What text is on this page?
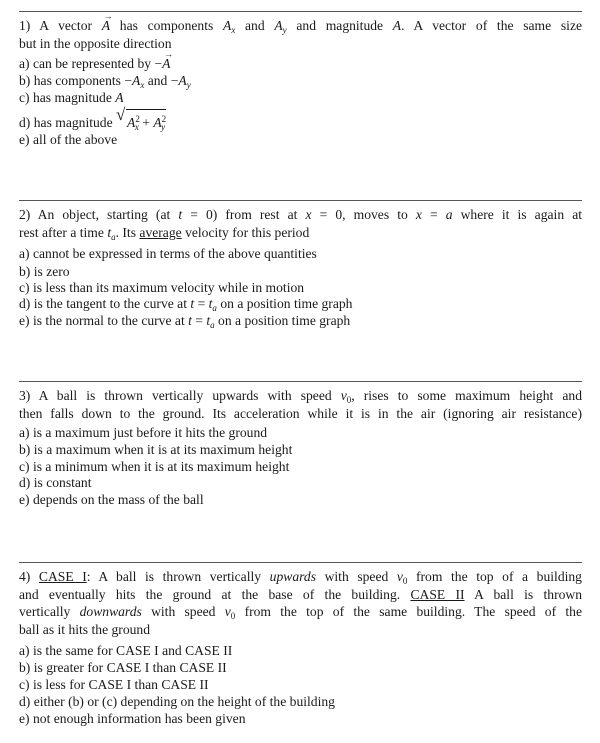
1) A vector → A has components $A_x$ and $A_y$ and magnitude A. A vector of the same size
but in the opposite direction
a) can be represented by −→ A
b) has components $-A_x$ and $-A_y$
c) has magnitude A
d) has magnitude √ $A^2_x + A^2_y$
e) all of the above
2) An object, starting (at t = 0) from rest at x = 0, moves to x = a where it is again at
rest after a time $t_a$. Its average velocity for this period
a) cannot be expressed in terms of the above quantities
b) is zero
c) is less than its maximum velocity while in motion
d) is the tangent to the curve at $t = t_a$ on a position time graph
e) is the normal to the curve at $t = t_a$ on a position time graph
3) A ball is thrown vertically upwards with speed $v_0$, rises to some maximum height and
then falls down to the ground. Its acceleration while it is in the air (ignoring air resistance)
a) is a maximum just before it hits the ground
b) is a maximum when it is at its maximum height
c) is a minimum when it is at its maximum height
d) is constant
e) depends on the mass of the ball
4) CASE I: A ball is thrown vertically upwards with speed $v_0$ from the top of a building
and eventually hits the ground at the base of the building. CASE II A ball is thrown
vertically downwards with speed $v_0$ from the top of the same building. The speed of the
ball as it hits the ground
a) is the same for CASE I and CASE II
b) is greater for CASE I than CASE II
c) is less for CASE I than CASE II
d) either (b) or (c) depending on the height of the building
e) not enough information has been given
